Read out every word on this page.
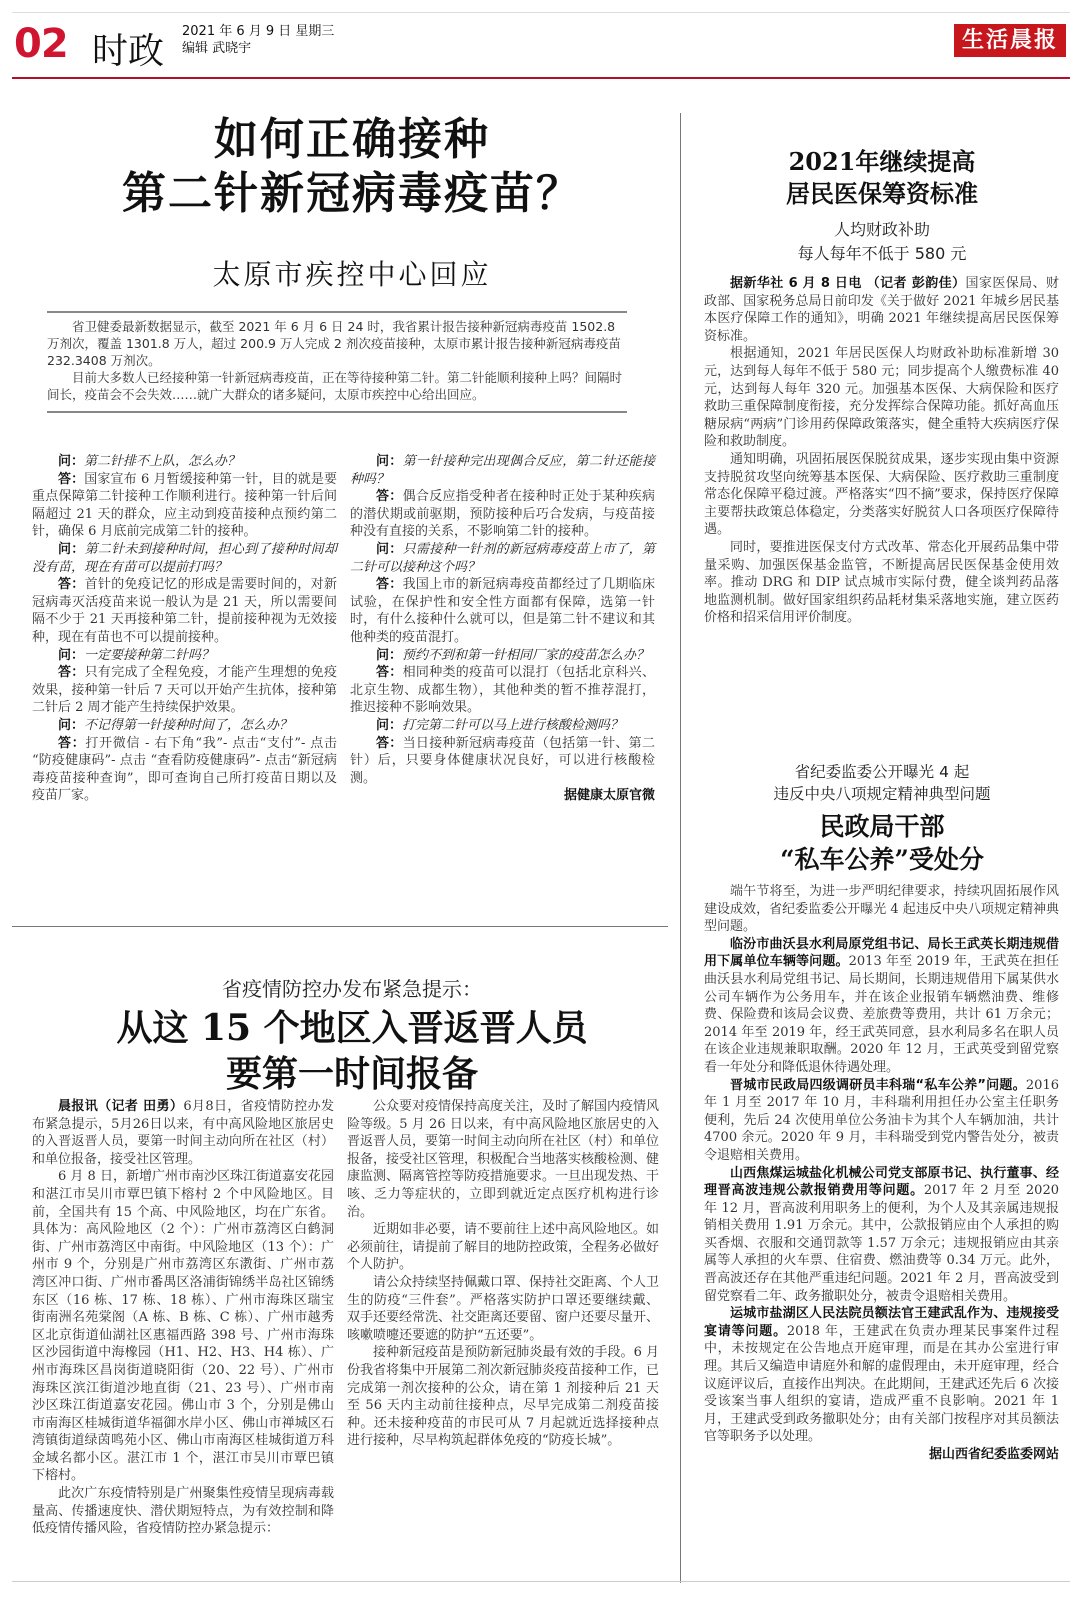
02 时政 2021 年 6 月 9 日 星期三
编辑 武晓宇	生活晨报
如何正确接种
第二针新冠病毒疫苗？
太原市疾控中心回应

省卫健委最新数据显示，截至 2021 年 6 月 6 日 24 时，我省累计报告接种新冠病毒疫苗 1502.8 万剂次，覆盖 1301.8 万人，超过 200.9 万人完成 2 剂次疫苗接种，太原市累计报告接种新冠病毒疫苗 232.3408 万剂次。

目前大多数人已经接种第一针新冠病毒疫苗，正在等待接种第二针。第二针能顺利接种上吗？间隔时间长，疫苗会不会失效……就广大群众的诸多疑问，太原市疾控中心给出回应。

问：第二针排不上队，怎么办？

答：国家宣布 6 月暂缓接种第一针，目的就是要重点保障第二针接种工作顺利进行。接种第一针后间隔超过 21 天的群众，应主动到疫苗接种点预约第二针，确保 6 月底前完成第二针的接种。

问：第二针未到接种时间，担心到了接种时间却没有苗，现在有苗可以提前打吗？

答：首针的免疫记忆的形成是需要时间的，对新冠病毒灭活疫苗来说一般认为是 21 天，所以需要间隔不少于 21 天再接种第二针，提前接种视为无效接种，现在有苗也不可以提前接种。

问：一定要接种第二针吗？

答：只有完成了全程免疫，才能产生理想的免疫效果，接种第一针后 7 天可以开始产生抗体，接种第二针后 2 周才能产生持续保护效果。

问：不记得第一针接种时间了，怎么办？

答：打开微信 - 右下角“我”- 点击“支付”- 点击 “防疫健康码”- 点击 “查看防疫健康码”- 点击“新冠病毒疫苗接种查询”，即可查询自己所打疫苗日期以及疫苗厂家。

问：第一针接种完出现偶合反应，第二针还能接种吗？

答：偶合反应指受种者在接种时正处于某种疾病的潜伏期或前驱期，预防接种后巧合发病，与疫苗接种没有直接的关系，不影响第二针的接种。

问：只需接种一针剂的新冠病毒疫苗上市了，第二针可以接种这个吗？

答：我国上市的新冠病毒疫苗都经过了几期临床试验，在保护性和安全性方面都有保障，选第一针时，有什么接种什么就可以，但是第二针不建议和其他种类的疫苗混打。

问：预约不到和第一针相同厂家的疫苗怎么办？

答：相同种类的疫苗可以混打（包括北京科兴、北京生物、成都生物），其他种类的暂不推荐混打，推迟接种不影响效果。

问：打完第二针可以马上进行核酸检测吗？

答：当日接种新冠病毒疫苗（包括第一针、第二针）后，只要身体健康状况良好，可以进行核酸检测。

据健康太原官微
省疫情防控办发布紧急提示：
从这 15 个地区入晋返晋人员
要第一时间报备

晨报讯（记者 田勇）6月8日，省疫情防控办发布紧急提示，5月26日以来，有中高风险地区旅居史的入晋返晋人员，要第一时间主动向所在社区（村）和单位报备，接受社区管理。

6 月 8 日，新增广州市南沙区珠江街道嘉安花园和湛江市吴川市覃巴镇下榕村 2 个中风险地区。目前，全国共有 15 个高、中风险地区，均在广东省。具体为：高风险地区（2 个）：广州市荔湾区白鹤洞街、广州市荔湾区中南街。中风险地区（13 个）：广州市 9 个，分别是广州市荔湾区东漖街、广州市荔湾区冲口街、广州市番禺区洛浦街锦绣半岛社区锦绣东区（16 栋、17 栋、18 栋）、广州市海珠区瑞宝街南洲名苑棠阁（A 栋、B 栋、C 栋）、广州市越秀区北京街道仙湖社区惠福西路 398 号、广州市海珠区沙园街道中海橡园（H1、H2、H3、H4 栋）、广州市海珠区昌岗街道晓阳街（20、22 号）、广州市海珠区滨江街道沙地直街（21、23 号）、广州市南沙区珠江街道嘉安花园。佛山市 3 个，分别是佛山市南海区桂城街道华福御水岸小区、佛山市禅城区石湾镇街道绿茵鸣苑小区、佛山市南海区桂城街道万科金域名都小区。湛江市 1 个，湛江市吴川市覃巴镇下榕村。

此次广东疫情特别是广州聚集性疫情呈现病毒载量高、传播速度快、潜伏期短特点，为有效控制和降低疫情传播风险，省疫情防控办紧急提示：

公众要对疫情保持高度关注，及时了解国内疫情风险等级。5 月 26 日以来，有中高风险地区旅居史的入晋返晋人员，要第一时间主动向所在社区（村）和单位报备，接受社区管理，积极配合当地落实核酸检测、健康监测、隔离管控等防疫措施要求。一旦出现发热、干咳、乏力等症状的，立即到就近定点医疗机构进行诊治。

近期如非必要，请不要前往上述中高风险地区。如必须前往，请提前了解目的地防控政策，全程务必做好个人防护。

请公众持续坚持佩戴口罩、保持社交距离、个人卫生的防疫“三件套”。严格落实防护口罩还要继续戴、双手还要经常洗、社交距离还要留、窗户还要尽量开、咳嗽喷嚏还要遮的防护“五还要”。

接种新冠疫苗是预防新冠肺炎最有效的手段。6 月份我省将集中开展第二剂次新冠肺炎疫苗接种工作，已完成第一剂次接种的公众，请在第 1 剂接种后 21 天至 56 天内主动前往接种点，尽早完成第二剂疫苗接种。还未接种疫苗的市民可从 7 月起就近选择接种点进行接种，尽早构筑起群体免疫的“防疫长城”。

2021年继续提高
居民医保筹资标准
人均财政补助
每人每年不低于 580 元

据新华社 6 月 8 日电 （记者 彭韵佳）国家医保局、财政部、国家税务总局日前印发《关于做好 2021 年城乡居民基本医疗保障工作的通知》，明确 2021 年继续提高居民医保筹资标准。

根据通知，2021 年居民医保人均财政补助标准新增 30 元，达到每人每年不低于 580 元；同步提高个人缴费标准 40 元，达到每人每年 320 元。加强基本医保、大病保险和医疗救助三重保障制度衔接，充分发挥综合保障功能。抓好高血压糖尿病“两病”门诊用药保障政策落实，健全重特大疾病医疗保险和救助制度。

通知明确，巩固拓展医保脱贫成果，逐步实现由集中资源支持脱贫攻坚向统筹基本医保、大病保险、医疗救助三重制度常态化保障平稳过渡。严格落实“四不摘”要求，保持医疗保障主要帮扶政策总体稳定，分类落实好脱贫人口各项医疗保障待遇。

同时，要推进医保支付方式改革、常态化开展药品集中带量采购、加强医保基金监管，不断提高居民医保基金使用效率。推动 DRG 和 DIP 试点城市实际付费，健全谈判药品落地监测机制。做好国家组织药品耗材集采落地实施，建立医药价格和招采信用评价制度。

省纪委监委公开曝光 4 起
违反中央八项规定精神典型问题
民政局干部
“私车公养”受处分

端午节将至，为进一步严明纪律要求，持续巩固拓展作风建设成效，省纪委监委公开曝光 4 起违反中央八项规定精神典型问题。

临汾市曲沃县水利局原党组书记、局长王武英长期违规借用下属单位车辆等问题。2013 年至 2019 年，王武英在担任曲沃县水利局党组书记、局长期间，长期违规借用下属某供水公司车辆作为公务用车，并在该企业报销车辆燃油费、维修费、保险费和该局会议费、差旅费等费用，共计 61 万余元；2014 年至 2019 年，经王武英同意，县水利局多名在职人员在该企业违规兼职取酬。2020 年 12 月，王武英受到留党察看一年处分和降低退休待遇处理。

晋城市民政局四级调研员丰科瑞“私车公养”问题。2016 年 1 月至 2017 年 10 月，丰科瑞利用担任办公室主任职务便利，先后 24 次使用单位公务油卡为其个人车辆加油，共计 4700 余元。2020 年 9 月，丰科瑞受到党内警告处分，被责令退赔相关费用。

山西焦煤运城盐化机械公司党支部原书记、执行董事、经理晋高波违规公款报销费用等问题。2017 年 2 月至 2020 年 12 月，晋高波利用职务上的便利，为个人及其亲属违规报销相关费用 1.91 万余元。其中，公款报销应由个人承担的购买香烟、衣服和交通罚款等 1.57 万余元；违规报销应由其亲属等人承担的火车票、住宿费、燃油费等 0.34 万元。此外，晋高波还存在其他严重违纪问题。2021 年 2 月，晋高波受到留党察看二年、政务撤职处分，被责令退赔相关费用。

运城市盐湖区人民法院员额法官王建武乱作为、违规接受宴请等问题。2018 年，王建武在负责办理某民事案件过程中，未按规定在公告地点开庭审理，而是在其办公室进行审理。其后又编造申请庭外和解的虚假理由，未开庭审理，经合议庭评议后，直接作出判决。在此期间，王建武还先后 6 次接受该案当事人组织的宴请，造成严重不良影响。2021 年 1 月，王建武受到政务撤职处分；由有关部门按程序对其员额法官等职务予以处理。

据山西省纪委监委网站
